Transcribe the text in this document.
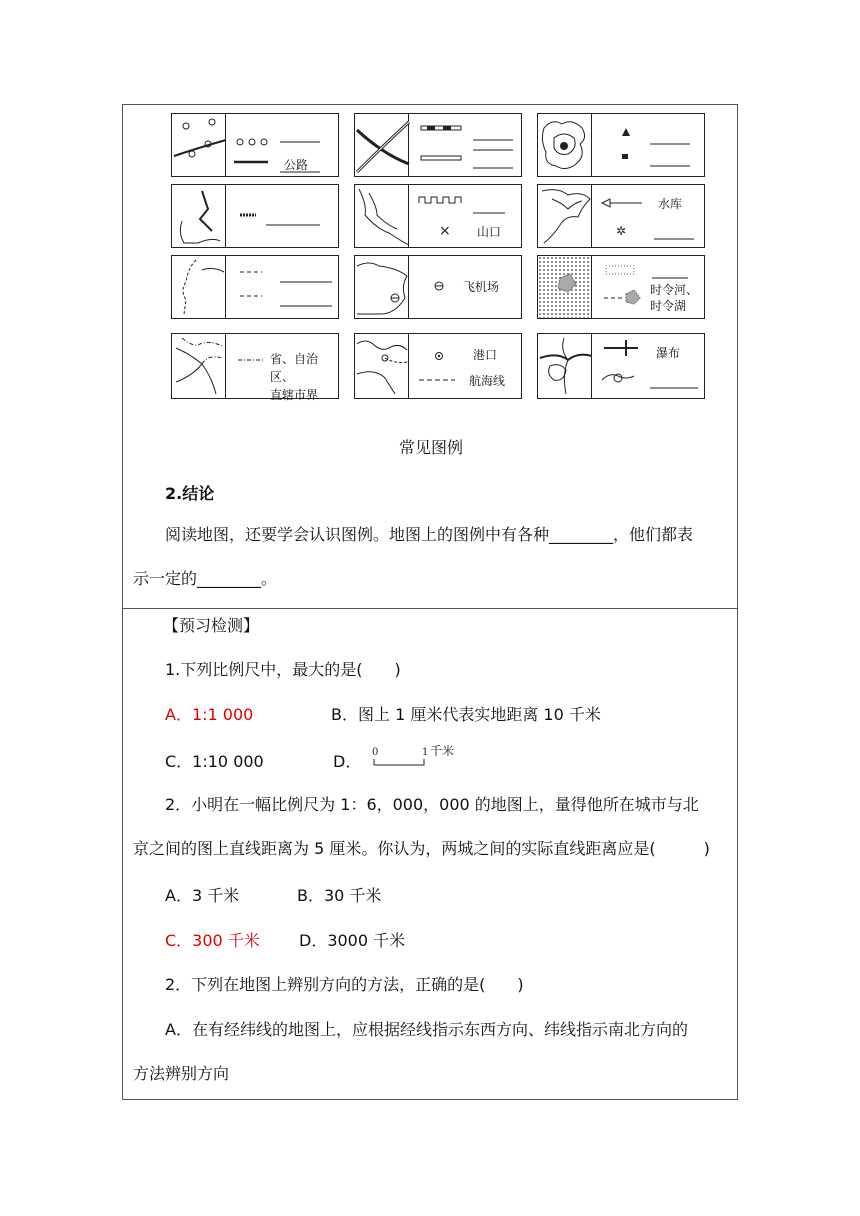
公路
× 山口	✲
水库
飞机场	时令河、
时令湖
省、自治区、
直辖市界
港口
航海线
瀑布
常见图例
2.结论
阅读地图，还要学会认识图例。地图上的图例中有各种________，他们都表
示一定的________。
【预习检测】
1.下列比例尺中，最大的是(　　)
A．1:1 000	B．图上 1 厘米代表实地距离 10 千米
C．1:10 000	D． 0	1 千米
2．小明在一幅比例尺为 1：6，000，000 的地图上，量得他所在城市与北
京之间的图上直线距离为 5 厘米。你认为，两城之间的实际直线距离应是(　　　)
A．3 千米	B．30 千米
C．300 千米 D．3000 千米
2．下列在地图上辨别方向的方法，正确的是(　　)
A．在有经纬线的地图上，应根据经线指示东西方向、纬线指示南北方向的
方法辨别方向
